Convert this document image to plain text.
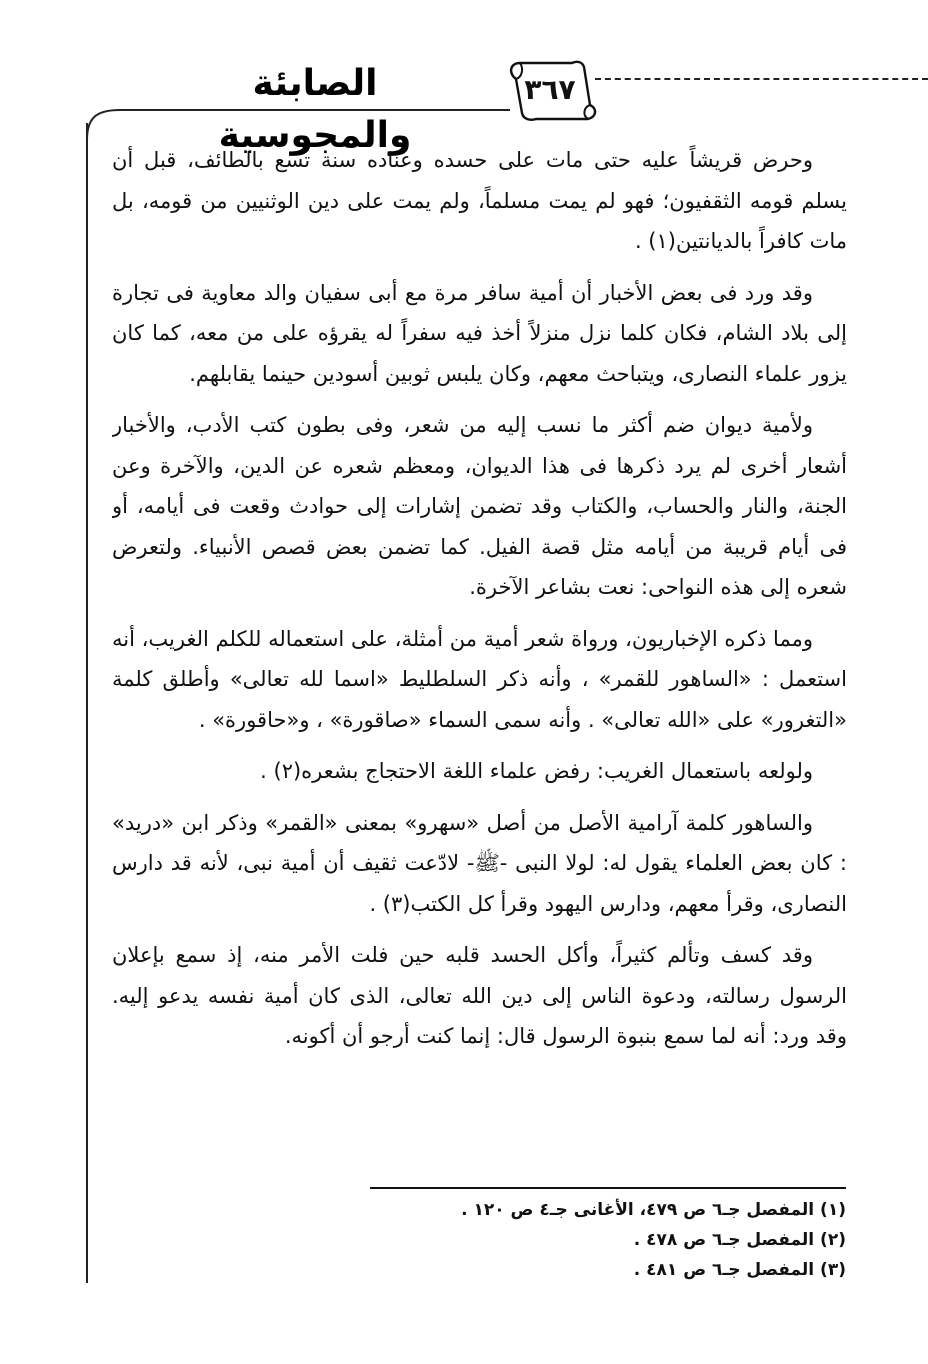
الصابئة والمجوسية
٣٦٧

وحرض قريشاً عليه حتى مات على حسده وعناده سنة تسع بالطائف، قبل أن يسلم قومه الثقفيون؛ فهو لم يمت مسلماً، ولم يمت على دين الوثنيين من قومه، بل مات كافراً بالديانتين(١) .

وقد ورد فى بعض الأخبار أن أمية سافر مرة مع أبى سفيان والد معاوية فى تجارة إلى بلاد الشام، فكان كلما نزل منزلاً أخذ فيه سفراً له يقرؤه على من معه، كما كان يزور علماء النصارى، ويتباحث معهم، وكان يلبس ثوبين أسودين حينما يقابلهم.

ولأمية ديوان ضم أكثر ما نسب إليه من شعر، وفى بطون كتب الأدب، والأخبار أشعار أخرى لم يرد ذكرها فى هذا الديوان، ومعظم شعره عن الدين، والآخرة وعن الجنة، والنار والحساب، والكتاب وقد تضمن إشارات إلى حوادث وقعت فى أيامه، أو فى أيام قريبة من أيامه مثل قصة الفيل. كما تضمن بعض قصص الأنبياء. ولتعرض شعره إلى هذه النواحى: نعت بشاعر الآخرة.

ومما ذكره الإخباريون، ورواة شعر أمية من أمثلة، على استعماله للكلم الغريب، أنه استعمل : «الساهور للقمر» ، وأنه ذكر السلطليط «اسما لله تعالى» وأطلق كلمة «التغرور» على «الله تعالى» . وأنه سمى السماء «صاقورة» ، و«حاقورة» .

ولولعه باستعمال الغريب: رفض علماء اللغة الاحتجاج بشعره(٢) .

والساهور كلمة آرامية الأصل من أصل «سهرو» بمعنى «القمر» وذكر ابن «دريد» : كان بعض العلماء يقول له: لولا النبى -ﷺ- لادّعت ثقيف أن أمية نبى، لأنه قد دارس النصارى، وقرأ معهم، ودارس اليهود وقرأ كل الكتب(٣) .

وقد كسف وتألم كثيراً، وأكل الحسد قلبه حين فلت الأمر منه، إذ سمع بإعلان الرسول رسالته، ودعوة الناس إلى دين الله تعالى، الذى كان أمية نفسه يدعو إليه. وقد ورد: أنه لما سمع بنبوة الرسول قال: إنما كنت أرجو أن أكونه.

(١) المفصل جـ٦ ص ٤٧٩، الأغانى جـ٤ ص ١٢٠ .
(٢) المفصل جـ٦ ص ٤٧٨ .
(٣) المفصل جـ٦ ص ٤٨١ .
